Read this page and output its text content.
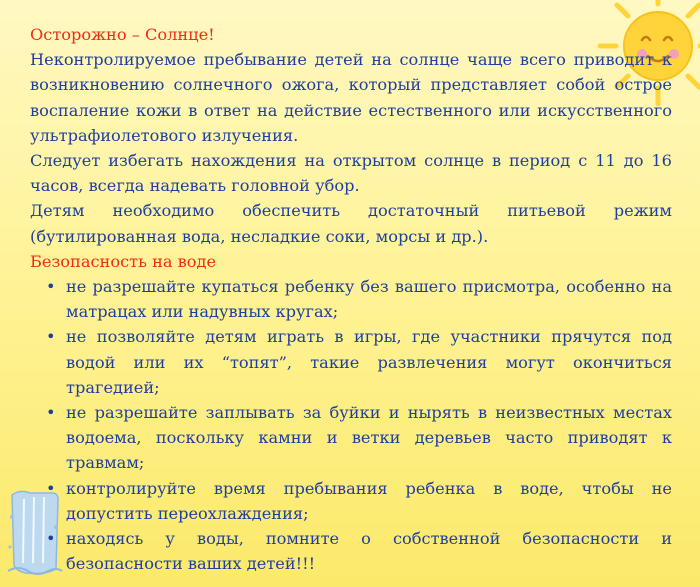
Осторожно – Солнце!

Неконтролируемое пребывание детей на солнце чаще всего приводит к возникновению солнечного ожога, который представляет собой острое воспаление кожи в ответ на действие естественного или искусственного ультрафиолетового излучения.

Следует избегать нахождения на открытом солнце в период с 11 до 16 часов, всегда надевать головной убор.

Детям необходимо обеспечить достаточный питьевой режим (бутилированная вода, несладкие соки, морсы и др.).

Безопасность на воде

• не разрешайте купаться ребенку без вашего присмотра, особенно на матрацах или надувных кругах;
• не позволяйте детям играть в игры, где участники прячутся под водой или их “топят”, такие развлечения могут окончиться трагедией;
• не разрешайте заплывать за буйки и нырять в неизвестных местах водоема, поскольку камни и ветки деревьев часто приводят к травмам;
• контролируйте время пребывания ребенка в воде, чтобы не допустить переохлаждения;
• находясь у воды, помните о собственной безопасности и безопасности ваших детей!!!
